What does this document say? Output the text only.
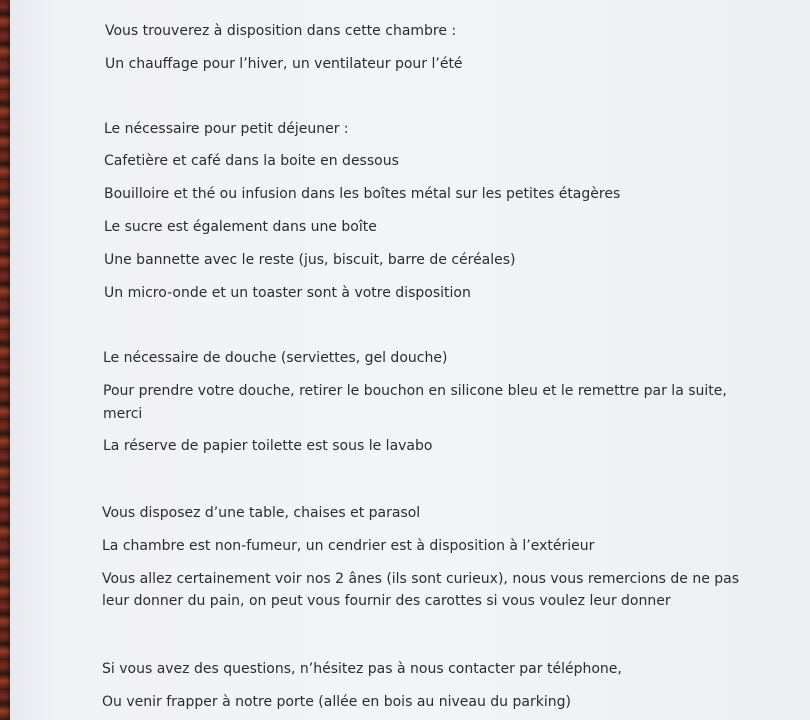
Vous trouverez à disposition dans cette chambre :
Un chauffage pour l’hiver, un ventilateur pour l’été
Le nécessaire pour petit déjeuner :
Cafetière et café dans la boite en dessous
Bouilloire et thé ou infusion dans les boîtes métal sur les petites étagères
Le sucre est également dans une boîte
Une bannette avec le reste (jus, biscuit, barre de céréales)
Un micro-onde et un toaster sont à votre disposition
Le nécessaire de douche (serviettes, gel douche)
Pour prendre votre douche, retirer le bouchon en silicone bleu et le remettre par la suite,
merci
La réserve de papier toilette est sous le lavabo
Vous disposez d’une table, chaises et parasol
La chambre est non-fumeur, un cendrier est à disposition à l’extérieur
Vous allez certainement voir nos 2 ânes (ils sont curieux), nous vous remercions de ne pas
leur donner du pain, on peut vous fournir des carottes si vous voulez leur donner
Si vous avez des questions, n’hésitez pas à nous contacter par téléphone,
Ou venir frapper à notre porte (allée en bois au niveau du parking)
